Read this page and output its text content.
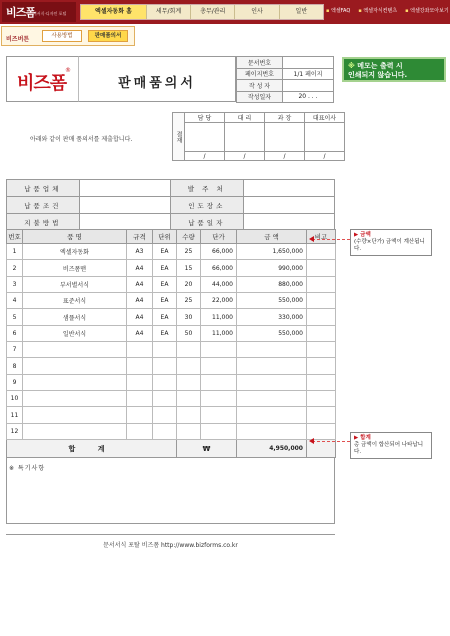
비즈폼
문서서식·디자인 포털	엑셀자동화 홈	세무/회계	총무/관리	인사	일반	▪ 엑셀FAQ	▪ 엑셀자식컨텐츠	▪ 엑셀강좌모아보기
비즈버튼	사용방법	판매품의서
비즈폼
®
판매품의서
문서번호	
페이지번호	1/1 페이지
작 성 자	
작성일자	20 . . .
※ 메모는 출력 시
인쇄되지 않습니다.
아래와 같이 판매 품의서를 제출합니다.	결재	담 당	대 리	과 장	대표이사

	/	/	/	/
납품업체		발 주 처	
납품조건		인도장소	
지불방법		납품일자	
번호	품 명	규격	단위	수량	단가	금 액	비고
1	엑셀자동화	A3	EA	25	66,000	1,650,000	
2	비즈폼맨	A4	EA	15	66,000	990,000	
3	부서별서식	A4	EA	20	44,000	880,000	
4	표준서식	A4	EA	25	22,000	550,000	
5	샘플서식	A4	EA	30	11,000	330,000	
6	일반서식	A4	EA	50	11,000	550,000	
7							
8							
9							
10							
11							
12							
합 계				₩		4,950,000	
※ 특기사항
▶ 금액
(수량×단가) 금액이 계산됩니다.
▶ 합계
총 금액이 합산되어 나타납니다.
문서서식 포탈 비즈폼 http://www.bizforms.co.kr
